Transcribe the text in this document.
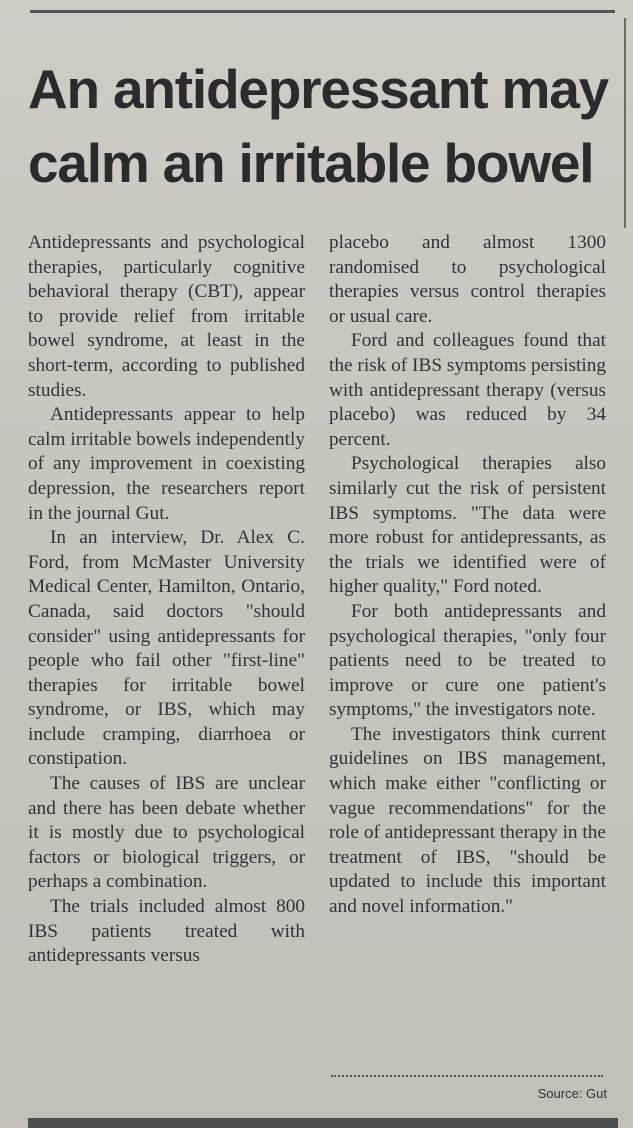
An antidepressant may
calm an irritable bowel

Antidepressants and psychological therapies, particularly cognitive behavioral therapy (CBT), appear to provide relief from irritable bowel syndrome, at least in the short-term, according to published studies.

Antidepressants appear to help calm irritable bowels independently of any improvement in coexisting depression, the researchers report in the journal Gut.

In an interview, Dr. Alex C. Ford, from McMaster University Medical Center, Hamilton, Ontario, Canada, said doctors "should consider" using antidepressants for people who fail other "first-line" therapies for irritable bowel syndrome, or IBS, which may include cramping, diarrhoea or constipation.

The causes of IBS are unclear and there has been debate whether it is mostly due to psychological factors or biological triggers, or perhaps a combination.

The trials included almost 800 IBS patients treated with antidepressants versus

placebo and almost 1300 randomised to psychological therapies versus control therapies or usual care.

Ford and colleagues found that the risk of IBS symptoms persisting with antidepressant therapy (versus placebo) was reduced by 34 percent.

Psychological therapies also similarly cut the risk of persistent IBS symptoms. "The data were more robust for antidepressants, as the trials we identified were of higher quality," Ford noted.

For both antidepressants and psychological therapies, "only four patients need to be treated to improve or cure one patient's symptoms," the investigators note.

The investigators think current guidelines on IBS management, which make either "conflicting or vague recommendations" for the role of antidepressant therapy in the treatment of IBS, "should be updated to include this important and novel information."

Source: Gut
